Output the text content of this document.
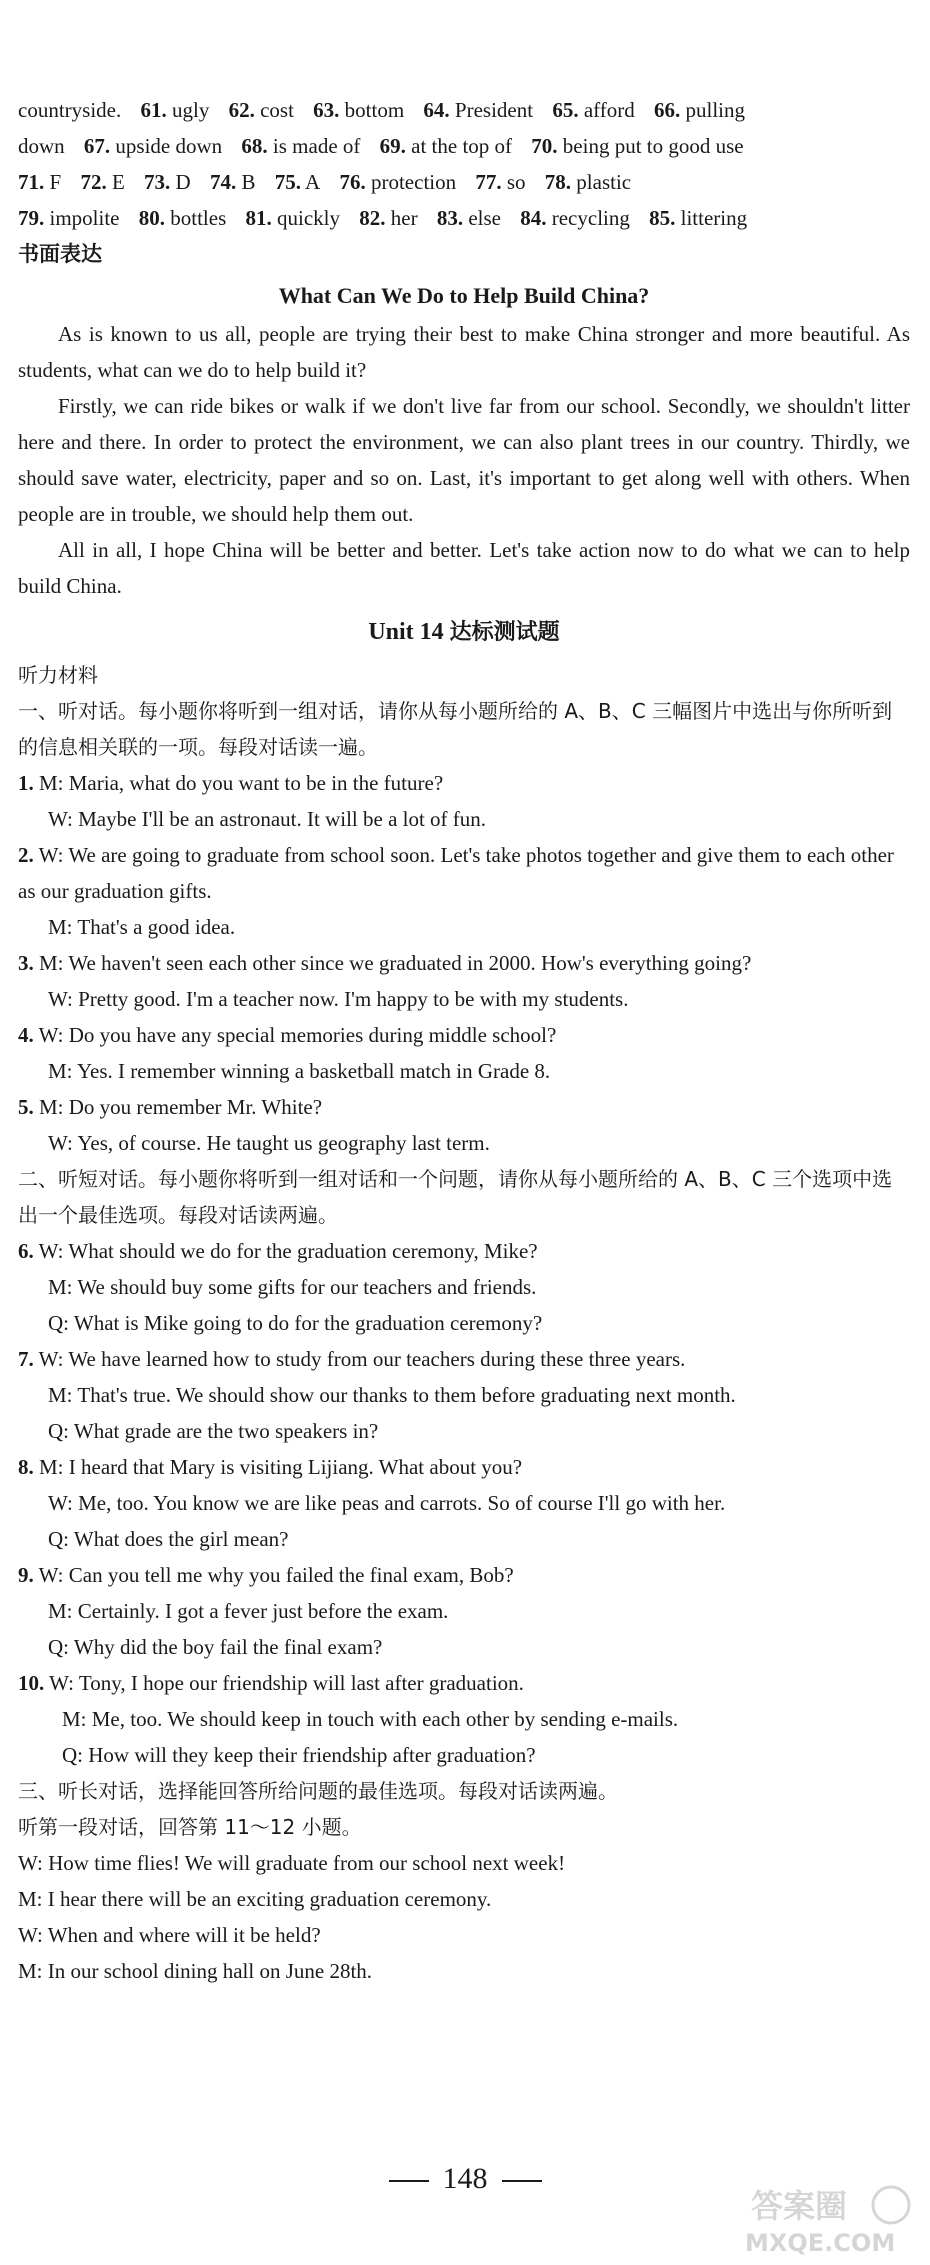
countryside. 61. ugly 62. cost 63. bottom 64. President 65. afford 66. pulling
down 67. upside down 68. is made of 69. at the top of 70. being put to good use
71. F 72. E 73. D 74. B 75. A 76. protection 77. so 78. plastic
79. impolite 80. bottles 81. quickly 82. her 83. else 84. recycling 85. littering
书面表达
What Can We Do to Help Build China?

As is known to us all, people are trying their best to make China stronger and more beautiful. As students, what can we do to help build it?

Firstly, we can ride bikes or walk if we don't live far from our school. Secondly, we shouldn't litter here and there. In order to protect the environment, we can also plant trees in our country. Thirdly, we should save water, electricity, paper and so on. Last, it's important to get along well with others. When people are in trouble, we should help them out.

All in all, I hope China will be better and better. Let's take action now to do what we can to help build China.

Unit 14 达标测试题
听力材料
一、听对话。每小题你将听到一组对话，请你从每小题所给的 A、B、C 三幅图片中选出与你所听到的信息相关联的一项。每段对话读一遍。
1. M: Maria, what do you want to be in the future?
W: Maybe I'll be an astronaut. It will be a lot of fun.
2. W: We are going to graduate from school soon. Let's take photos together and give them to each other as our graduation gifts.
M: That's a good idea.
3. M: We haven't seen each other since we graduated in 2000. How's everything going?
W: Pretty good. I'm a teacher now. I'm happy to be with my students.
4. W: Do you have any special memories during middle school?
M: Yes. I remember winning a basketball match in Grade 8.
5. M: Do you remember Mr. White?
W: Yes, of course. He taught us geography last term.
二、听短对话。每小题你将听到一组对话和一个问题，请你从每小题所给的 A、B、C 三个选项中选出一个最佳选项。每段对话读两遍。
6. W: What should we do for the graduation ceremony, Mike?
M: We should buy some gifts for our teachers and friends.
Q: What is Mike going to do for the graduation ceremony?
7. W: We have learned how to study from our teachers during these three years.
M: That's true. We should show our thanks to them before graduating next month.
Q: What grade are the two speakers in?
8. M: I heard that Mary is visiting Lijiang. What about you?
W: Me, too. You know we are like peas and carrots. So of course I'll go with her.
Q: What does the girl mean?
9. W: Can you tell me why you failed the final exam, Bob?
M: Certainly. I got a fever just before the exam.
Q: Why did the boy fail the final exam?
10. W: Tony, I hope our friendship will last after graduation.
M: Me, too. We should keep in touch with each other by sending e-mails.
Q: How will they keep their friendship after graduation?
三、听长对话，选择能回答所给问题的最佳选项。每段对话读两遍。
听第一段对话，回答第 11～12 小题。
W: How time flies! We will graduate from our school next week!
M: I hear there will be an exciting graduation ceremony.
W: When and where will it be held?
M: In our school dining hall on June 28th.
148
答案圈
MXQE.COM
